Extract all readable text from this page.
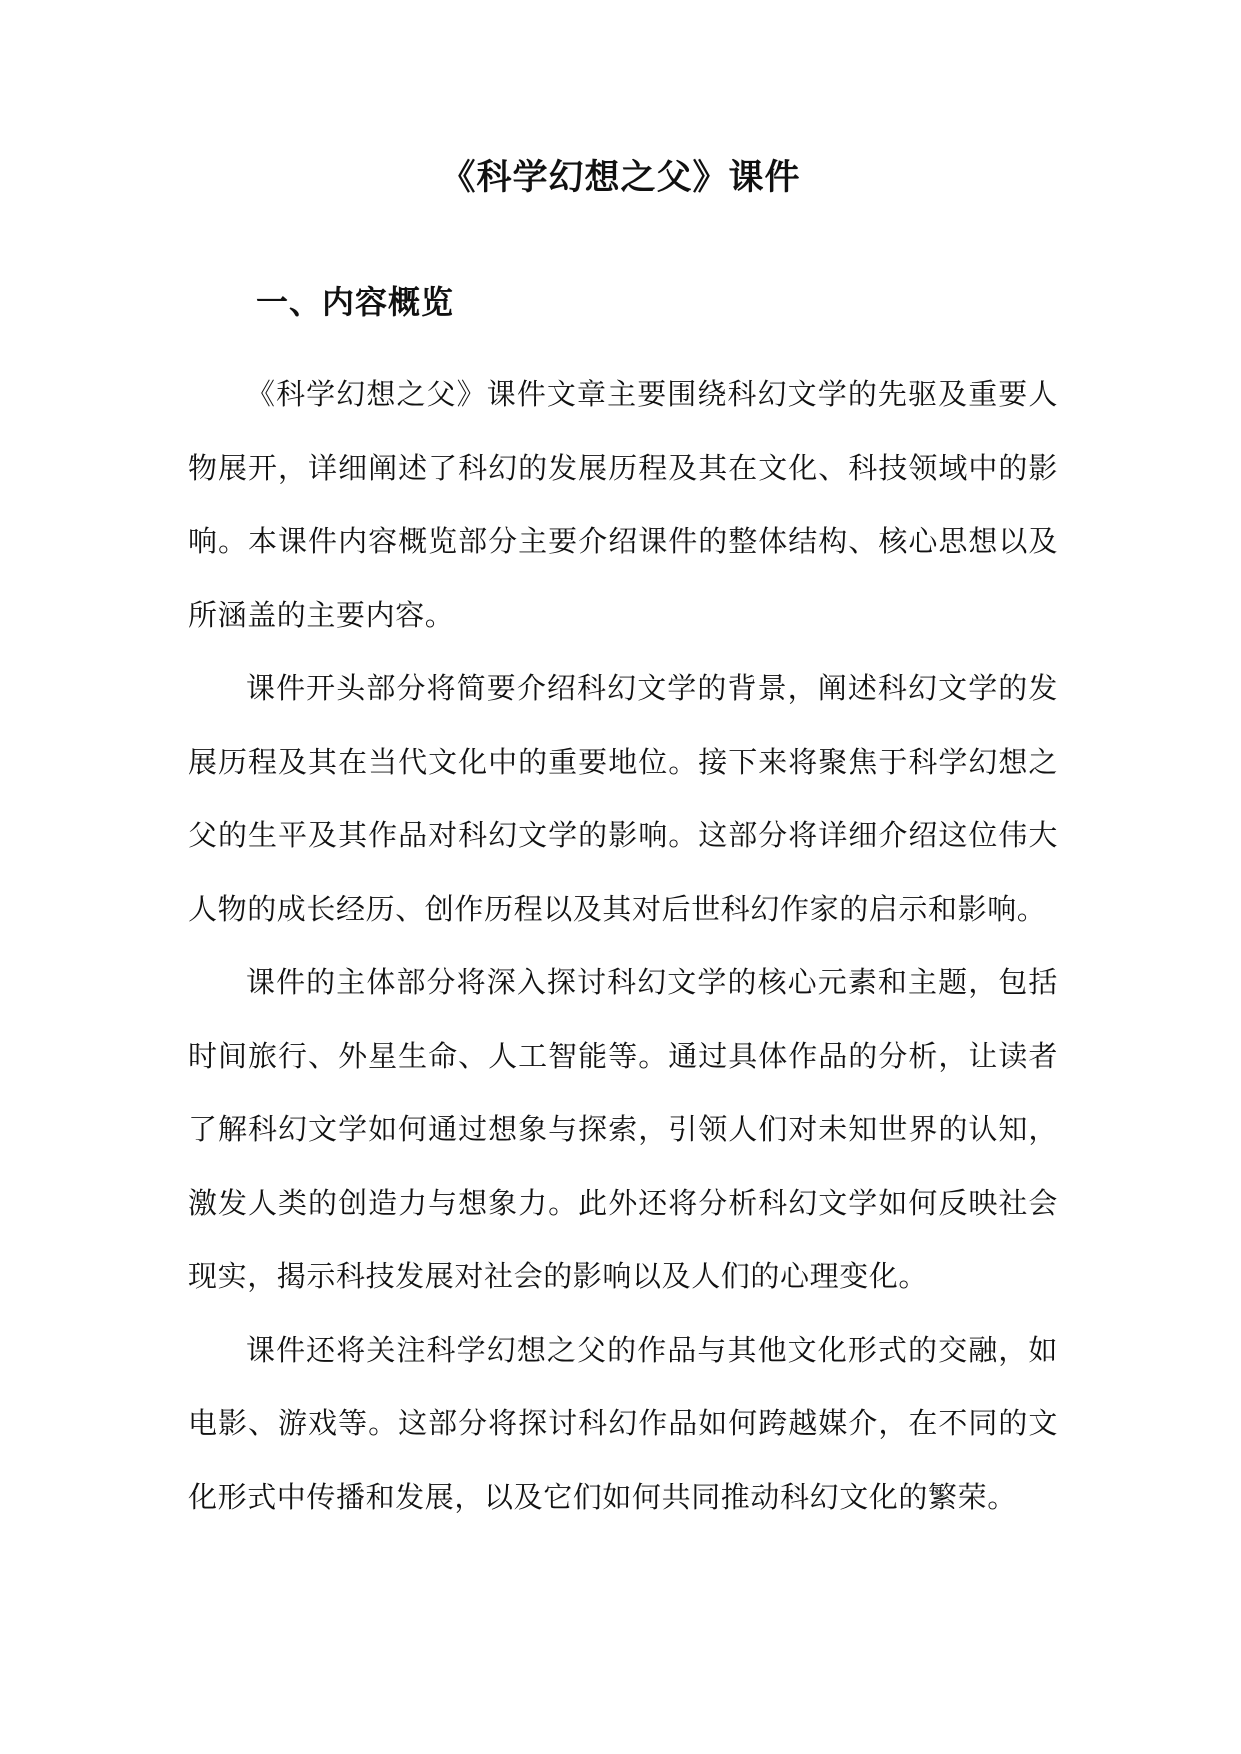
《科学幻想之父》课件
一、内容概览

《科学幻想之父》课件文章主要围绕科幻文学的先驱及重要人物展开，详细阐述了科幻的发展历程及其在文化、科技领域中的影响。本课件内容概览部分主要介绍课件的整体结构、核心思想以及所涵盖的主要内容。

课件开头部分将简要介绍科幻文学的背景，阐述科幻文学的发展历程及其在当代文化中的重要地位。接下来将聚焦于科学幻想之父的生平及其作品对科幻文学的影响。这部分将详细介绍这位伟大人物的成长经历、创作历程以及其对后世科幻作家的启示和影响。

课件的主体部分将深入探讨科幻文学的核心元素和主题，包括时间旅行、外星生命、人工智能等。通过具体作品的分析，让读者了解科幻文学如何通过想象与探索，引领人们对未知世界的认知，激发人类的创造力与想象力。此外还将分析科幻文学如何反映社会现实，揭示科技发展对社会的影响以及人们的心理变化。

课件还将关注科学幻想之父的作品与其他文化形式的交融，如电影、游戏等。这部分将探讨科幻作品如何跨越媒介，在不同的文化形式中传播和发展，以及它们如何共同推动科幻文化的繁荣。
